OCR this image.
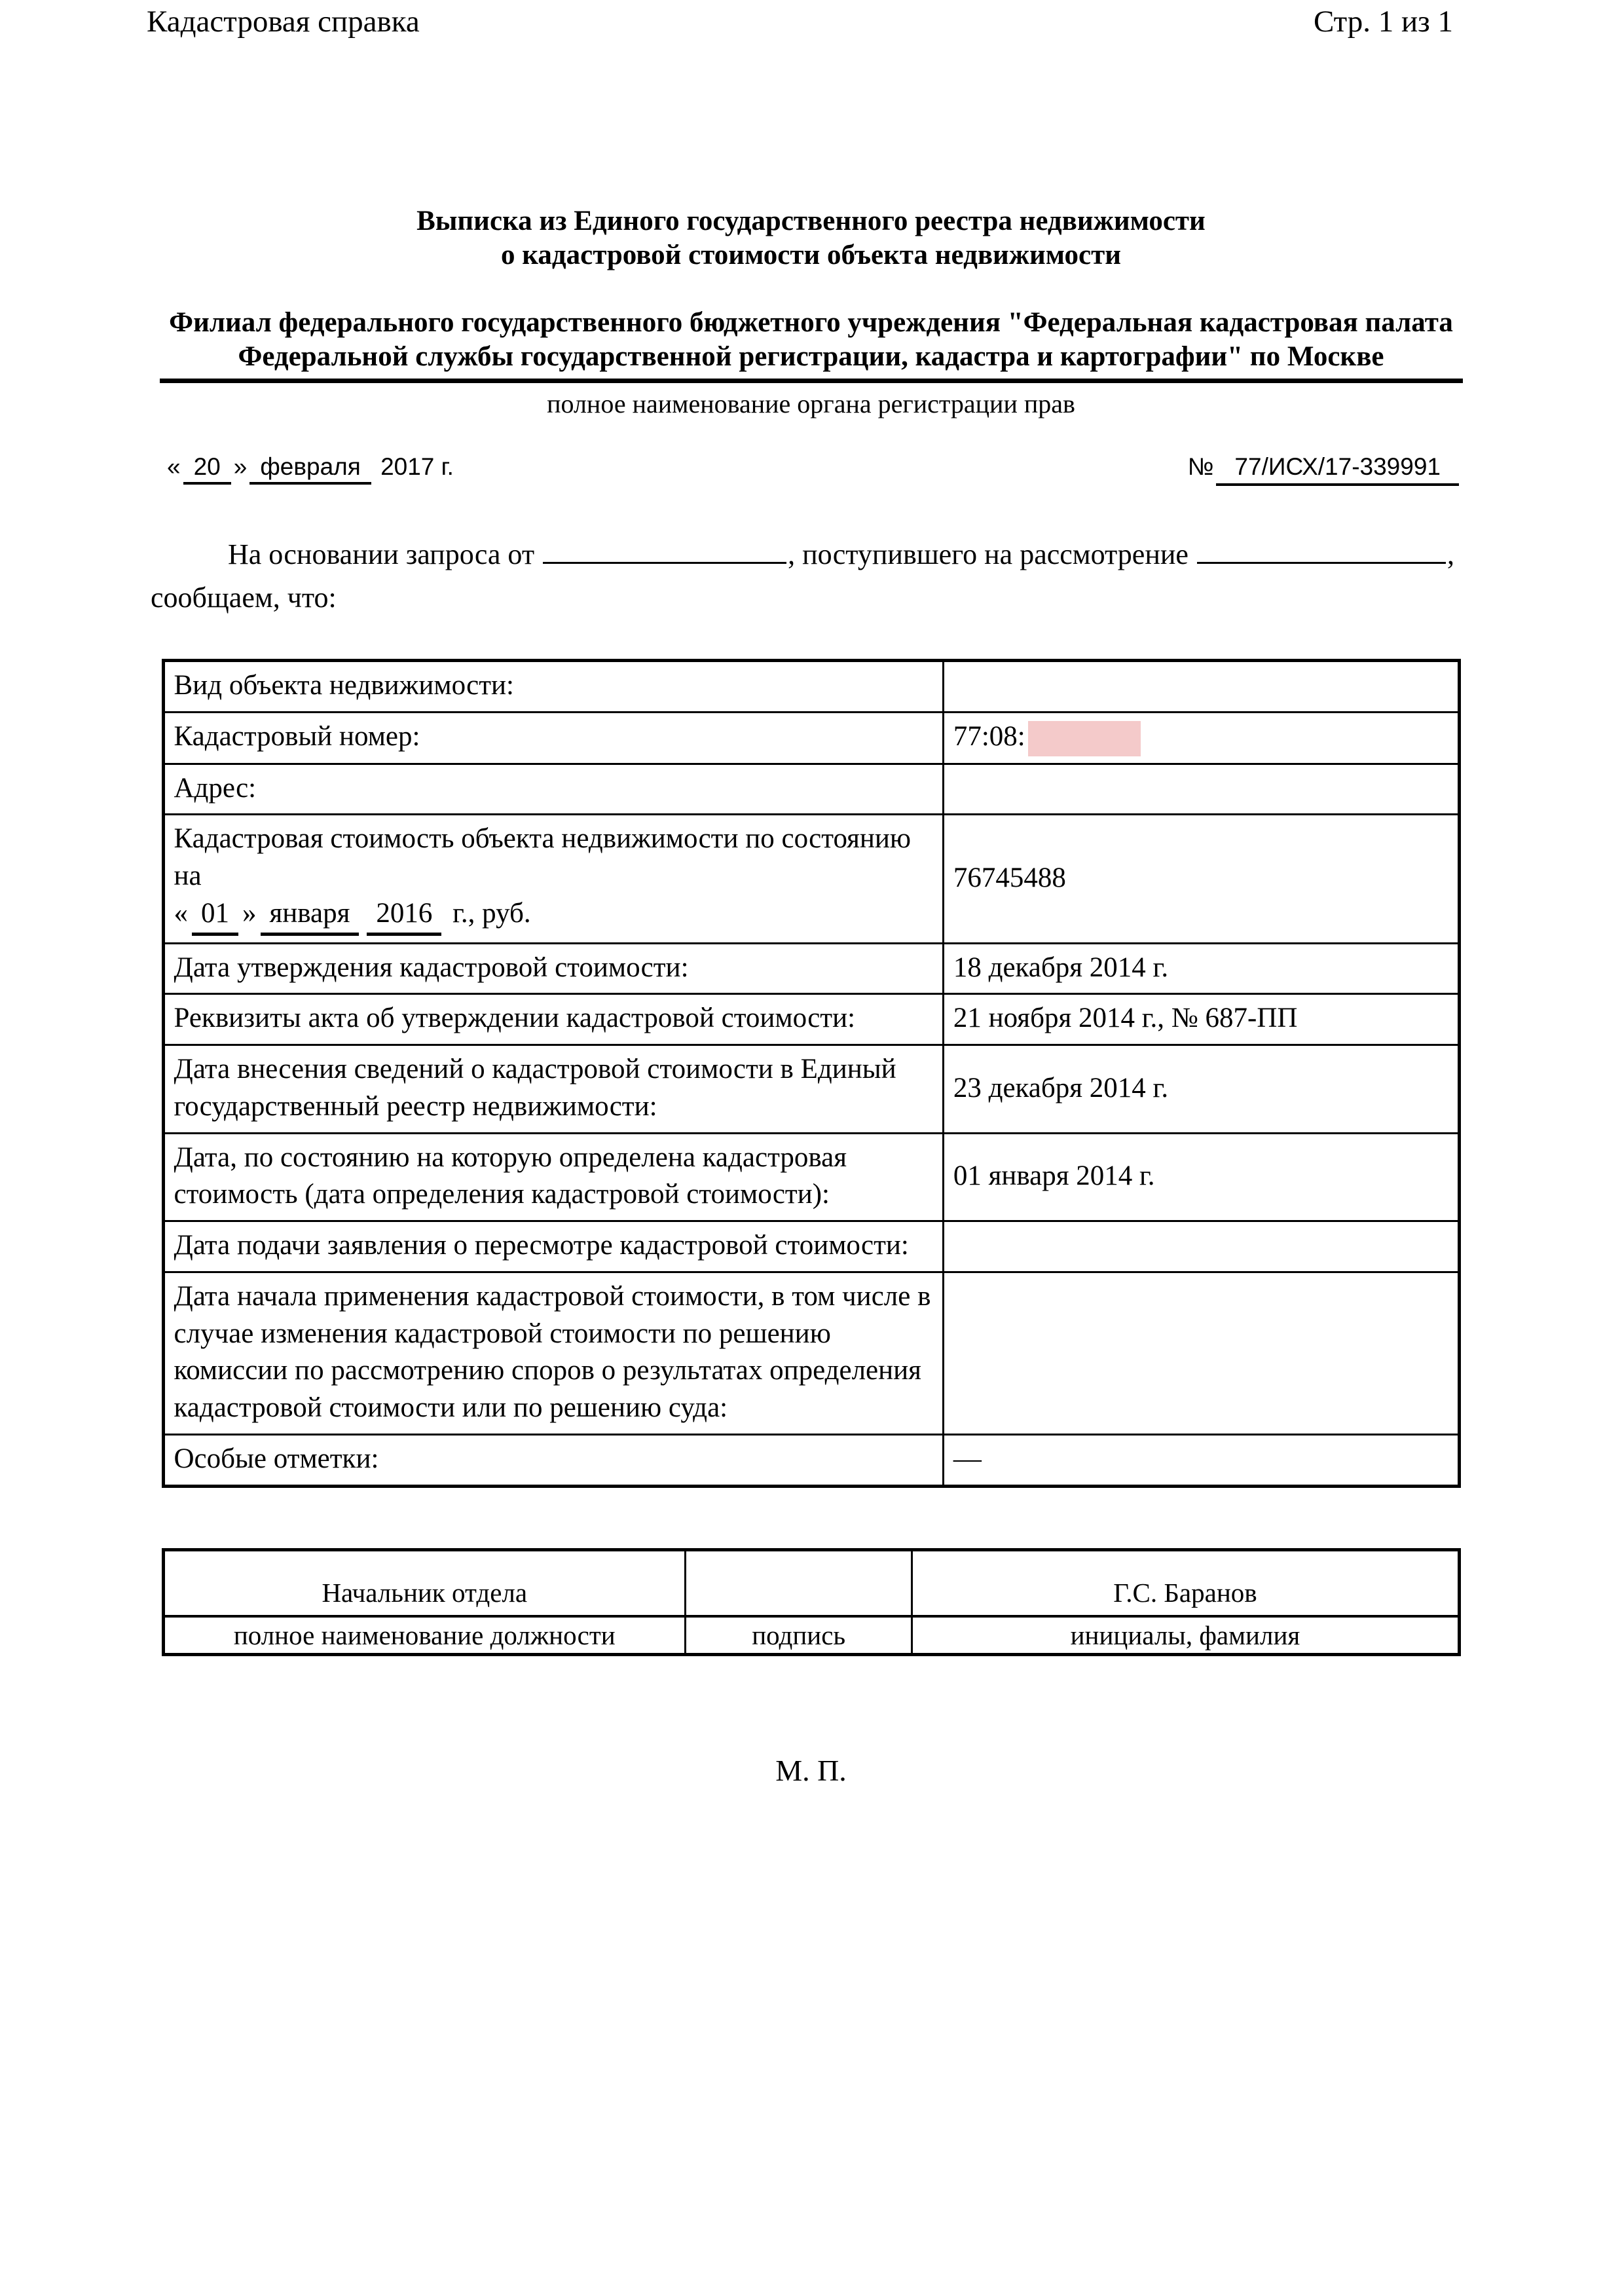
Кадастровая справка	Стр. 1 из 1
Выписка из Единого государственного реестра недвижимости
о кадастровой стоимости объекта недвижимости
Филиал федерального государственного бюджетного учреждения "Федеральная кадастровая палата
Федеральной службы государственной регистрации, кадастра и картографии" по Москве
полное наименование органа регистрации прав
« 20 » февраля 2017 г.	№ 77/ИСХ/17-339991
На основании запроса от	, поступившего на рассмотрение	,
сообщаем, что:
Вид объекта недвижимости:	
Кадастровый номер:	77:08:
Адрес:	
Кадастровая стоимость объекта недвижимости по состоянию на
« 01 » января 2016 г., руб.	76745488
Дата утверждения кадастровой стоимости:	18 декабря 2014 г.
Реквизиты акта об утверждении кадастровой стоимости:	21 ноября 2014 г., № 687-ПП
Дата внесения сведений о кадастровой стоимости в Единый государственный реестр недвижимости:	23 декабря 2014 г.
Дата, по состоянию на которую определена кадастровая стоимость (дата определения кадастровой стоимости):	01 января 2014 г.
Дата подачи заявления о пересмотре кадастровой стоимости:	
Дата начала применения кадастровой стоимости, в том числе в случае изменения кадастровой стоимости по решению комиссии по рассмотрению споров о результатах определения кадастровой стоимости или по решению суда:	
Особые отметки:	—
Начальник отдела		Г.С. Баранов
полное наименование должности	подпись	инициалы, фамилия
М. П.
